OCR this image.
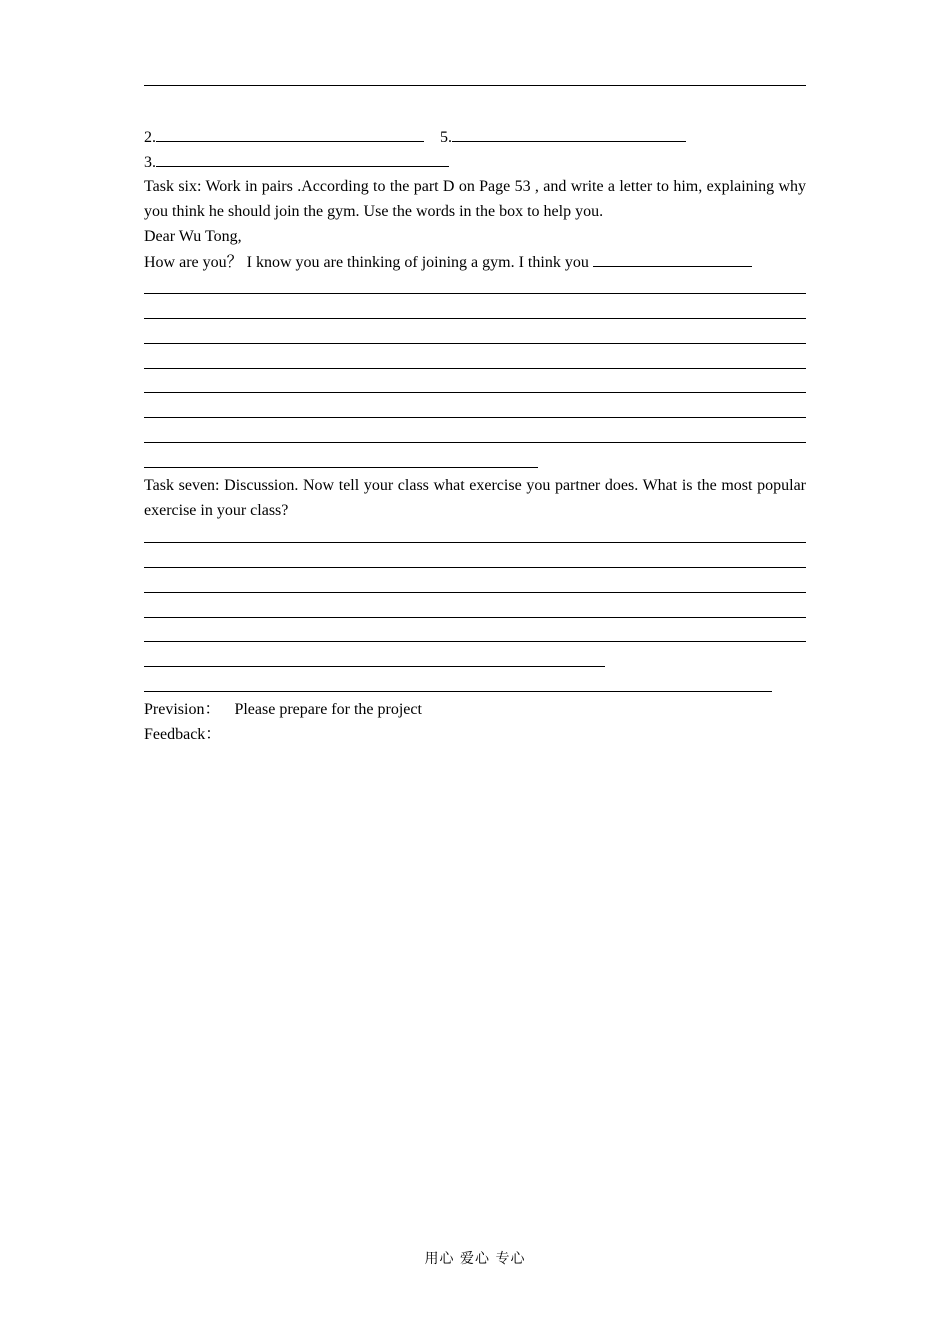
2.	5.
3.
Task six: Work in pairs .According to the part D on Page 53 , and write a letter to him, explaining why you think he should join the gym. Use the words in the box to help you.
Dear Wu Tong,
How are you？ I know you are thinking of joining a gym. I think you
Task seven: Discussion. Now tell your class what exercise you partner does. What is the most popular exercise in your class?
Prevision： Please prepare for the project
Feedback：
用心 爱心 专心
